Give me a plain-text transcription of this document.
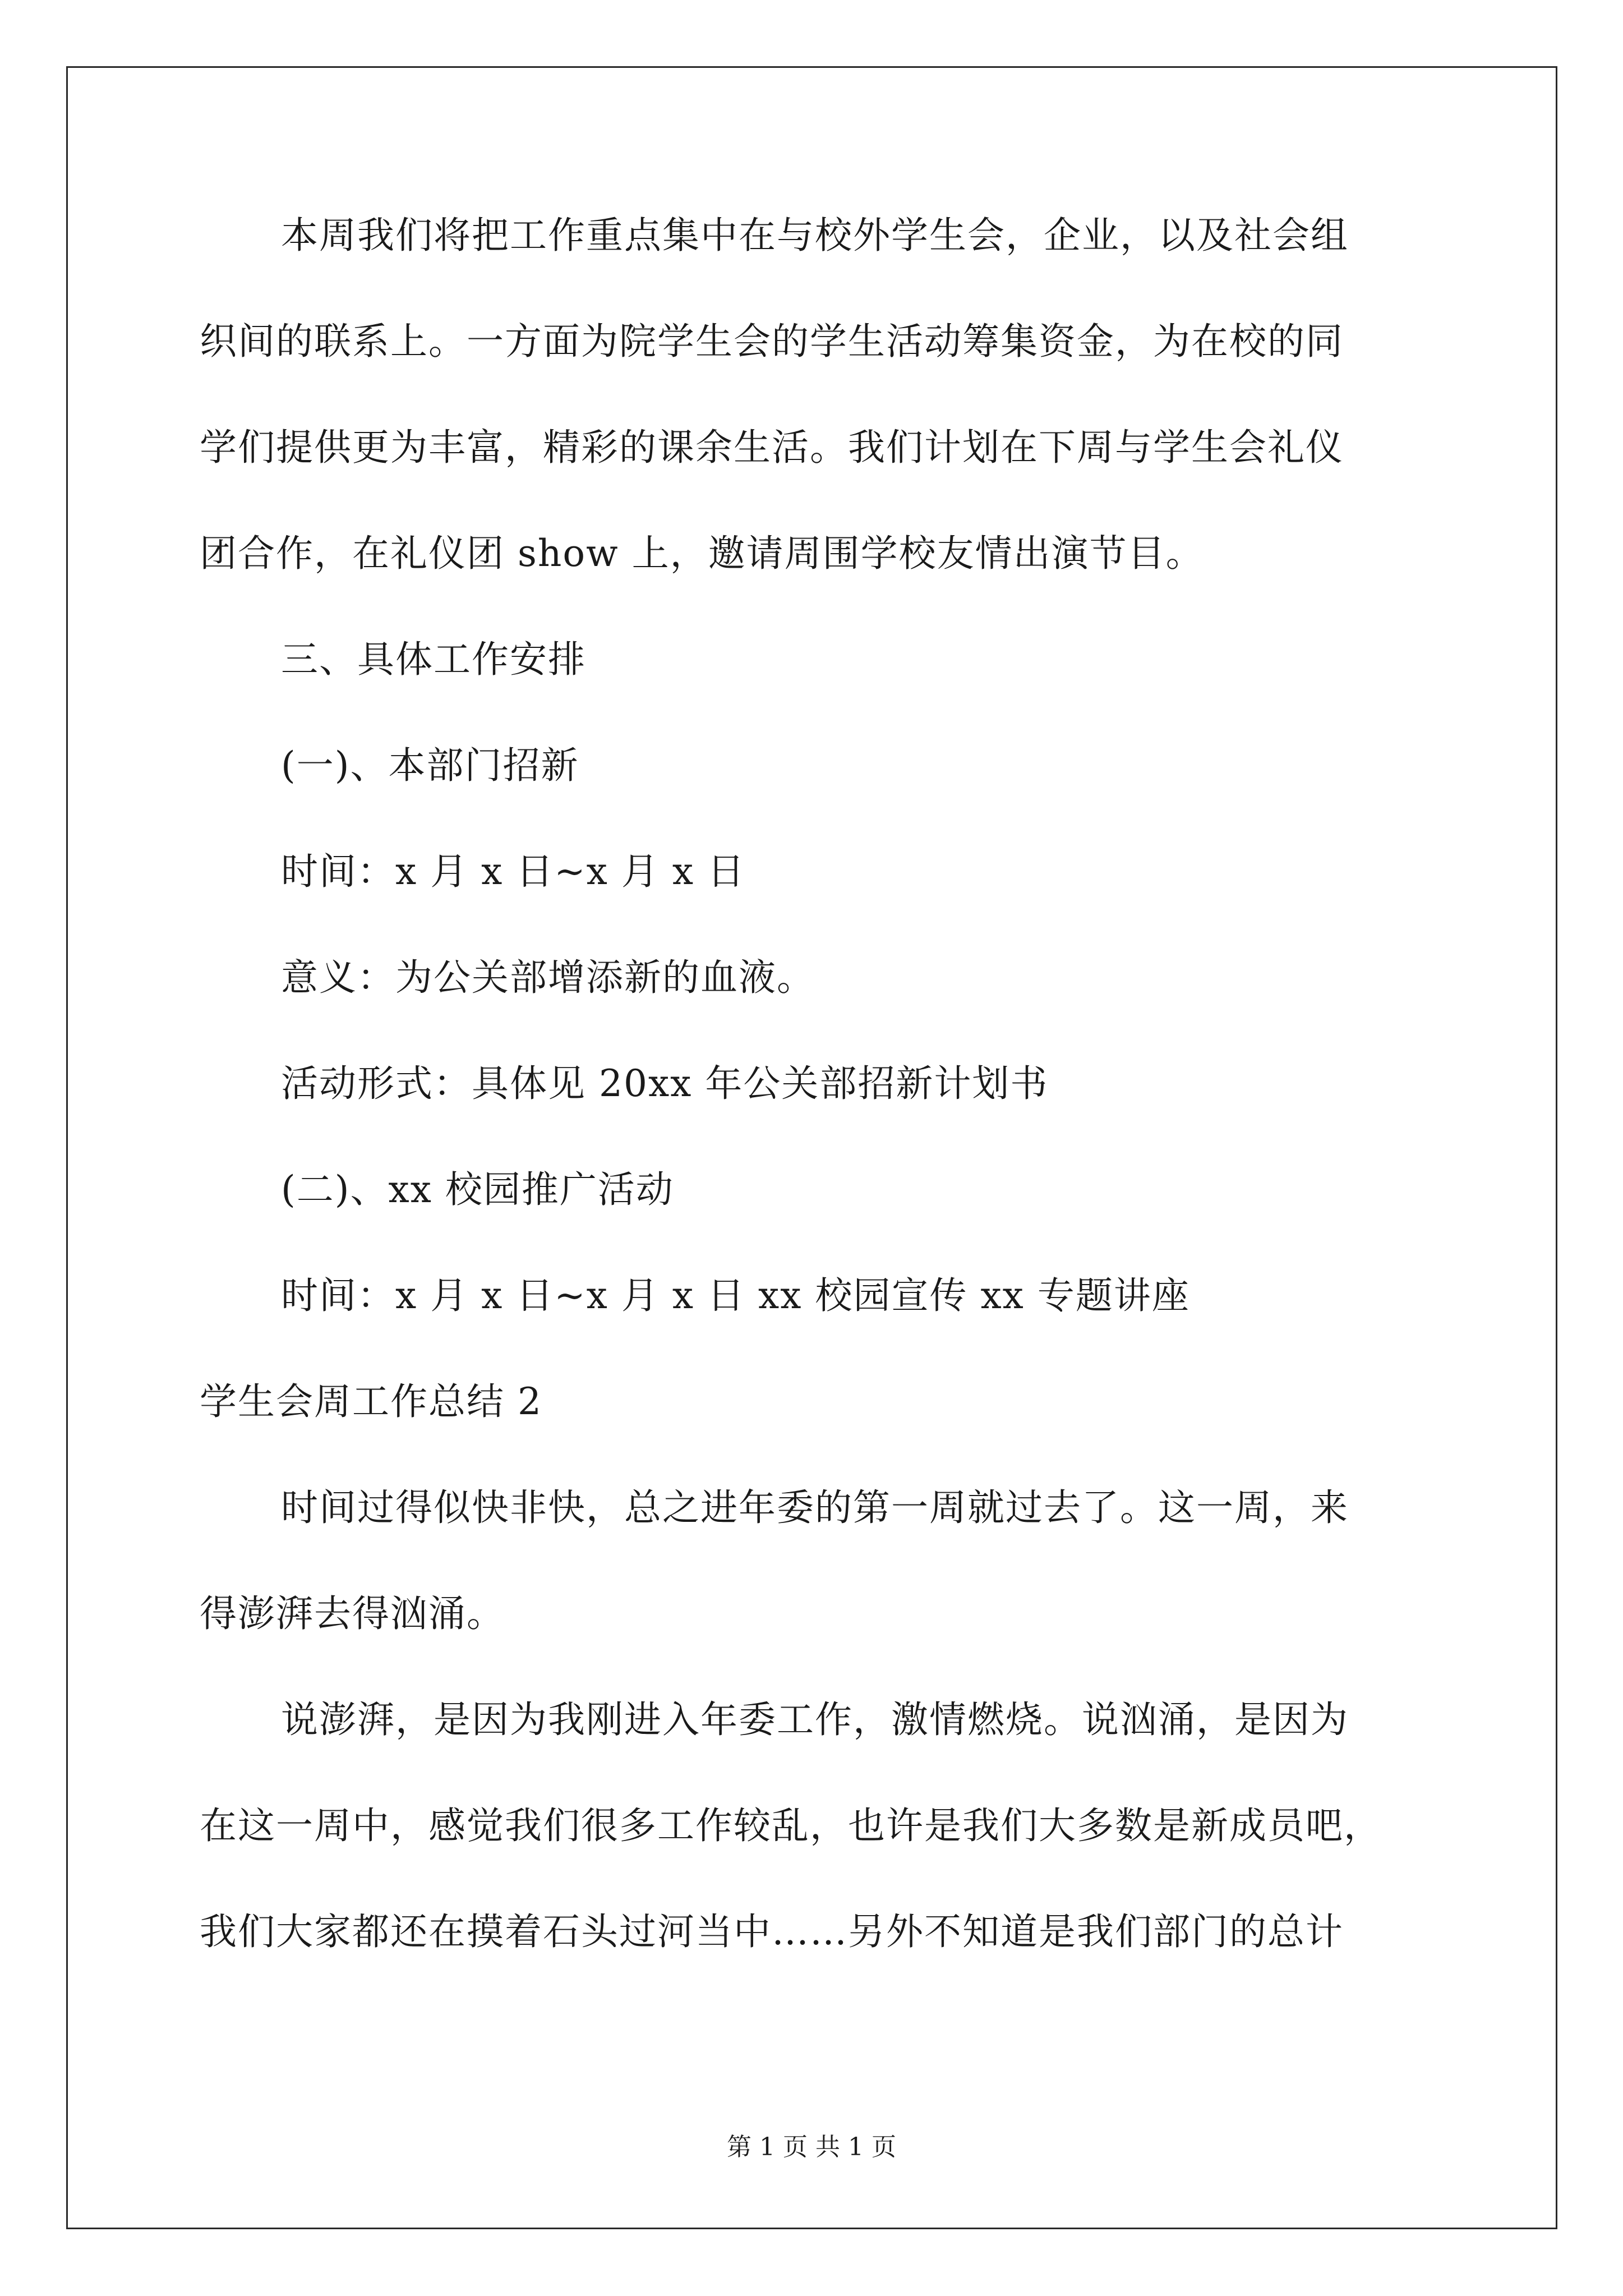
本周我们将把工作重点集中在与校外学生会，企业，以及社会组
织间的联系上。一方面为院学生会的学生活动筹集资金，为在校的同
学们提供更为丰富，精彩的课余生活。我们计划在下周与学生会礼仪
团合作，在礼仪团 show 上，邀请周围学校友情出演节目。
三、具体工作安排
(一)、本部门招新
时间：x 月 x 日~x 月 x 日
意义：为公关部增添新的血液。
活动形式：具体见 20xx 年公关部招新计划书
(二)、xx 校园推广活动
时间：x 月 x 日~x 月 x 日 xx 校园宣传 xx 专题讲座
学生会周工作总结 2
时间过得似快非快，总之进年委的第一周就过去了。这一周，来
得澎湃去得汹涌。
说澎湃，是因为我刚进入年委工作，激情燃烧。说汹涌，是因为
在这一周中，感觉我们很多工作较乱，也许是我们大多数是新成员吧，
我们大家都还在摸着石头过河当中……另外不知道是我们部门的总计
第 1 页 共 1 页
